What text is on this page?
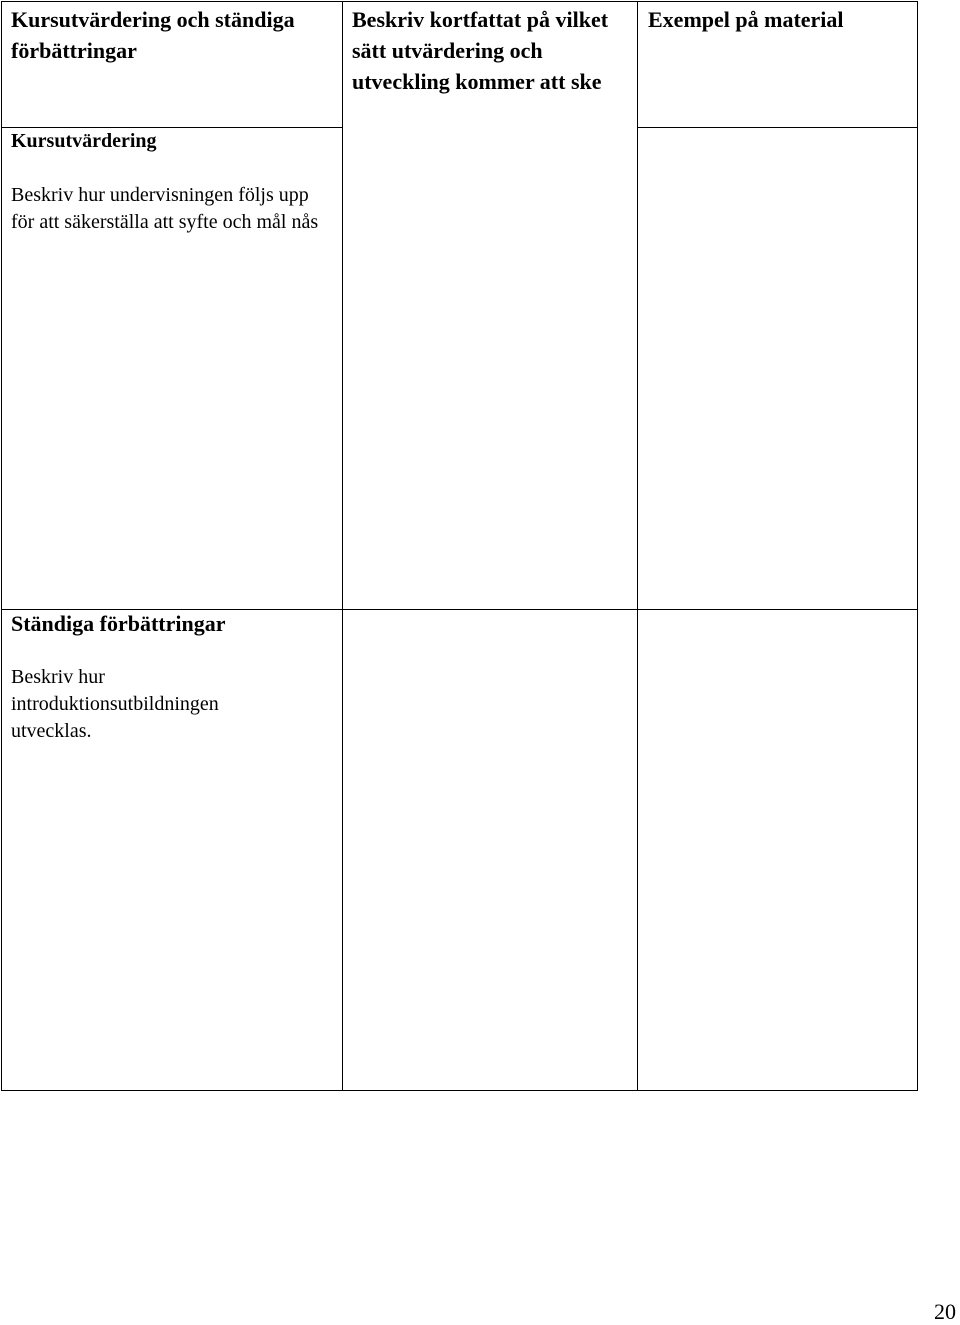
Kursutvärdering och ständiga förbättringar
Beskriv kortfattat på vilket sätt utvärdering och utveckling kommer att ske
Exempel på material
Kursutvärdering
Beskriv hur undervisningen följs upp för att säkerställa att syfte och mål nås
Ständiga förbättringar
Beskriv hur introduktionsutbildningen utvecklas.
20
